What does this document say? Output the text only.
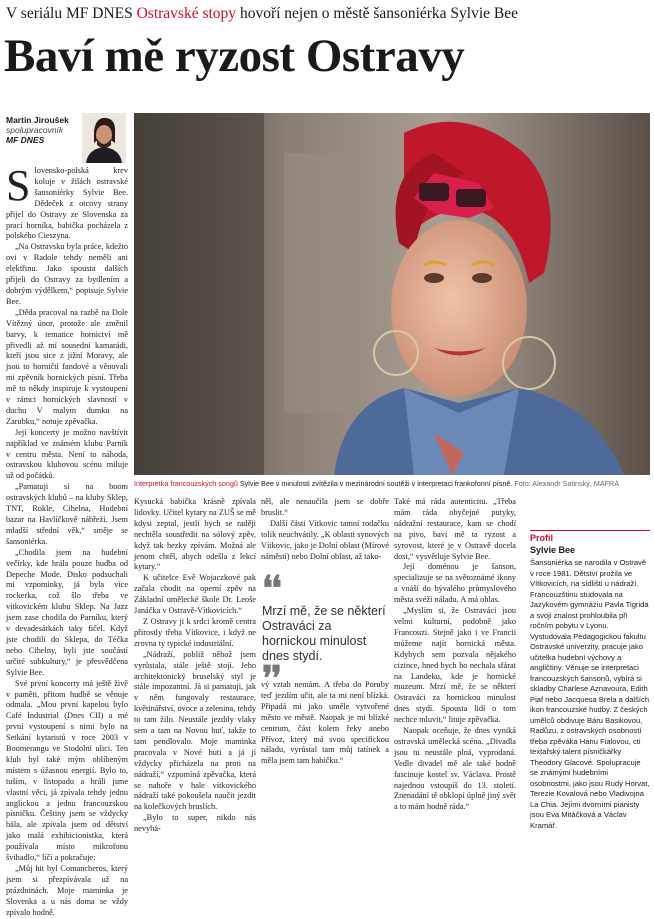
V seriálu MF DNES Ostravské stopy hovoří nejen o městě šansoniérka Sylvie Bee
Baví mě ryzost Ostravy
Martin Jiroušek
spolupracovník
MF DNES
Interpretka francouzských songů Sylvie Bee v minulosti zvítězila v mezinárodní soutěži v interpretaci frankofonní písně. Foto: Alexandr Satinský, MAFRA

Slovensko-polská krev koluje v žilách ostravské šansoniérky Sylvie Bee. Dědeček z otcovy strany přijel do Ostravy ze Slovenska za prací horníka, babička pocházela z polského Cieszyna.

„Na Ostravsku byla práce, kdežto ovi v Radole tehdy neměli ani elektřinu. Jako spousta dalších přijeli do Ostravy za bydlením a dobrým výdělkem,“ popisuje Sylvie Bee.

„Děda pracoval na razbě na Dole Vítězný únor, protože ale změnil barvy, k tematice hornictví mě přivedli až mí sousední kamarádi, kteří jsou sice z jižní Moravy, ale jsou to horničtí fandové a věnovali mi zpěvník hornických písní. Třeba mě to někdy inspiruje k vystoupení v rámci hornických slavností v duchu V malym dumku na Zarubku,“ notuje zpěvačka.

Její koncerty je možno navštívit například ve známém klubu Parník v centru města. Není to náhoda, ostravskou klubovou scénu miluje už od počátků.

„Pamatuji si na boom ostravských klubů – na kluby Sklep, TNT, Rokle, Cihelna, Hudební bazar na Havlíčkově nábřeží. Jsem mladší střední věk,“ směje se šansoniérka.

„Chodila jsem na hudební večírky, kde hrála pouze hudba od Depeche Mode. Disko podsuchali mi vzpomínky, já byla více rockerka, což šlo třeba ve vítkovickém klubu Sklep. Na Jazz jsem zase chodila do Parníku, který v devadesátkách taky fičel. Když jste chodili do Sklepa, do Téčka nebo Cihelny, byli jste součástí určité subkultury,“ je přesvědčena Sylvie Bee.

Své první koncerty má ještě živě v paměti, přitom hudbě se věnuje odmala. „Mou první kapelou bylo Café Industrial (Dnes CII) a mé první vystoupení s nimi bylo na Setkání kytaristů v roce 2003 v Boomerangu ve Stodolní ulici. Ten klub byl také mým oblíbeným místem s úžasnou energií. Bylo to, tuším, v listopadu a hráli jsme vlastní věci, já zpívala tehdy jednu anglickou a jednu francouzskou písničku. Češtiny jsem se vždycky bála, ale zpívala jsem od dětství jako malá exhibicionistka, která používala místo mikrofonu švihadlo,“ líčí a pokračuje:

„Můj hit byl Comancheros, který jsem si přezpívávala už na prázdninách. Moje maminka je Slovenka a u nás doma se vždy zpívalo hodně.

Kysucká babička krásně zpívala lidovky. Učitel kytary na ZUŠ se mě kdysi zeptal, jestli bych se raději nechtěla soustředit na sólový zpěv, když tak hezky zpívám. Možná ale jenom chtěl, abych odešla z lekcí kytary.“

K učitelce Evě Wojaczkové pak začala chodit na operní zpěv na Základní umělecké škole Dr. Leoše Janáčka v Ostravě-Vítkovicích.“

Z Ostravy ji k srdci kromě centra přirostly třeba Vítkovice, i když ne zrovna ty typické industriální.

„Nádraží, pobliž něhož jsem vyrůstala, stále ještě stojí. Jeho architektonický bruselský styl je stále impozantní. Já si pamatuji, jak v něm fungovaly restaurace, květinářství, ovoce a zelenina, tehdy to tam žilo. Neustále jezdily vlaky sem a tam na Novou huť, takže to tam pendlovalo. Moje maminka pracovala v Nové huti a já jí vždycky přicházela na proti na nádraží,“ vzpomíná zpěvačka, která se nahoře v hale vítkovického nádraží také pokoušela naučit jezdit na kolečkových bruslích.

„Bylo to super, nikdo nás nevyhá-

něl, ale nenaučila jsem se dobře bruslit.“

Další části Vítkovic tamní rodačku tolik neuchvátily. „K oblasti synových Vítkovic, jako je Dolní oblast (Mírové náměstí) nebo Dolní oblast, až tako-

❛❛
Mrzí mě, že se některí Ostraváci za hornickou minulost dnes stydí.
❜❜

vý vztah nemám. A třeba do Poruby teď jezdím učit, ale ta mi není blízká. Připadá mi jako uměle vytvořené město ve městě. Naopak je mi blízké centrum, část kolem řeky anebo Přívoz, který má svou specifickou náladu, vyrůstal tam můj tatínek a měla jsem tam babičku.“

Také má ráda autenticitu. „Třeba mám ráda obyčejné putyky, nádražní restaurace, kam se chodí na pivo, baví mě ta ryzost a syrovost, které je v Ostravě docela dost,“ vysvětluje Sylvie Bee.

Její doménou je šanson, specializuje se na světoznámé ikony a vnáší do bývalého průmyslového města svéží náladu. A má ohlas.

„Myslím si, že Ostraváci jsou velmi kulturní, podobně jako Francouzi. Stejně jako i ve Francii můžeme najít hornická města. Kdybych sem pozvala nějakého cizince, hned bych ho nechala sfárat na Landeku, kde je hornické muzeum. Mrzí mě, že se některí Ostraváci za hornickou minulost dnes stydí. Spousta lidí o tom nechce mluvit,“ lituje zpěvačka.

Naopak oceňuje, že dnes vyniká ostravská umělecká scéna. „Divadla jsou tu neustále plná, vyprodaná. Vedle divadel mě ale také hodně fascinuje kostel sv. Václava. Prostě najednou vstoupíš do 13. století. Znenadání tě obklopí úplně jiný svět a to mám hodně ráda.“

Profil
Sylvie Bee
Šansoniérka se narodila v Ostravě v roce 1981. Dětství prožila ve Vítkovicích, na sídlišti u nádraží. Francouzštinu studovala na Jazykovém gymnáziu Pavla Tigrida a svoji znalost prohloubila při ročním pobytu v Lyonu. Vystudovala Pedagogickou fakultu Ostravské univerzity, pracuje jako učitelka hudební výchovy a angličtiny. Věnuje se interpretaci francouzských šansonů, vybírá si skladby Charlese Aznavoura, Edith Piaf nebo Jacquesa Brela a dalších ikon francouzské hudby. Z českých umělců obdivuje Báru Basikovou, Radůzu, z ostravských osobností třeba zpěváka Hanu Fialovou, cti textařský talent písničkářky Theodory Glacové. Spolupracuje se známými hudebními osobnostmi, jako jsou Rudy Horvat, Terezie Kovalová nebo Vladivojna La Chia. Jejími dvorními pianisty jsou Eva Mitáčková a Václav Kramář.
